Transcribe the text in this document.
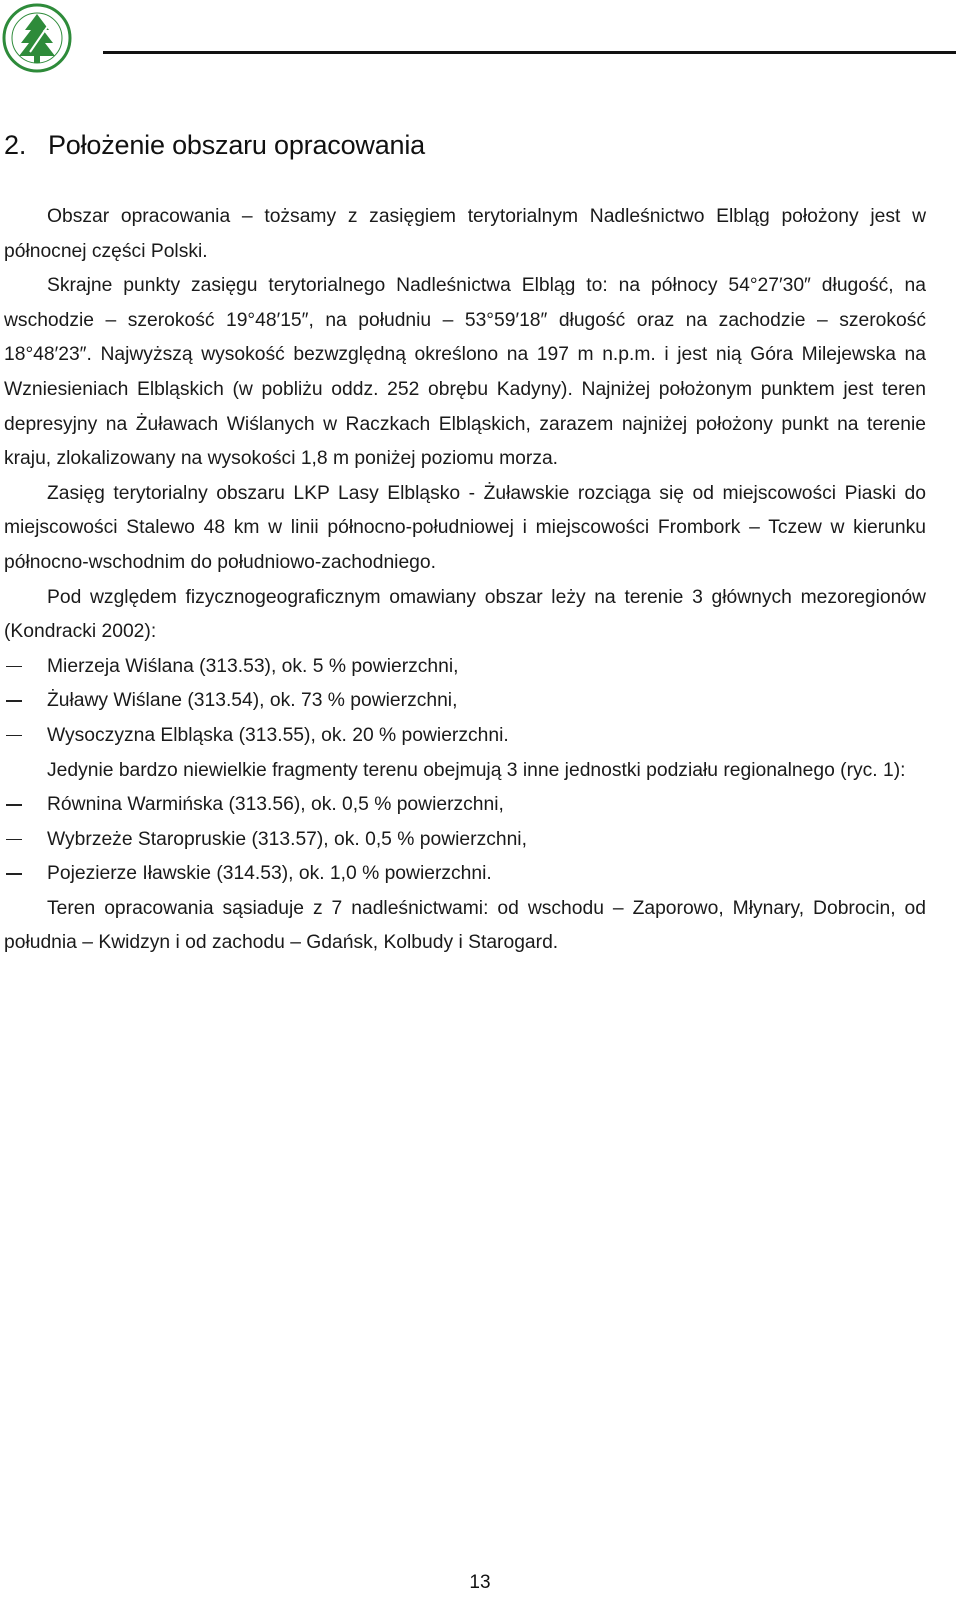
2. Położenie obszaru opracowania

Obszar opracowania – tożsamy z zasięgiem terytorialnym Nadleśnictwo Elbląg położony jest w północnej części Polski.

Skrajne punkty zasięgu terytorialnego Nadleśnictwa Elbląg to: na północy 54°27′30″ długość, na wschodzie – szerokość 19°48′15″, na południu – 53°59′18″ długość oraz na zachodzie – szerokość 18°48′23″. Najwyższą wysokość bezwzględną określono na 197 m n.p.m. i jest nią Góra Milejewska na Wzniesieniach Elbląskich (w pobliżu oddz. 252 obrębu Kadyny). Najniżej położonym punktem jest teren depresyjny na Żuławach Wiślanych w Raczkach Elbląskich, zarazem najniżej położony punkt na terenie kraju, zlokalizowany na wysokości 1,8 m poniżej poziomu morza.

Zasięg terytorialny obszaru LKP Lasy Elbląsko - Żuławskie rozciąga się od miejscowości Piaski do miejscowości Stalewo 48 km w linii północno-południowej i miejscowości Frombork – Tczew w kierunku północno-wschodnim do południowo-zachodniego.

Pod względem fizycznogeograficznym omawiany obszar leży na terenie 3 głównych mezoregionów (Kondracki 2002):

Mierzeja Wiślana (313.53), ok. 5 % powierzchni,
Żuławy Wiślane (313.54), ok. 73 % powierzchni,
Wysoczyzna Elbląska (313.55), ok. 20 % powierzchni.

Jedynie bardzo niewielkie fragmenty terenu obejmują 3 inne jednostki podziału regionalnego (ryc. 1):

Równina Warmińska (313.56), ok. 0,5 % powierzchni,
Wybrzeże Staropruskie (313.57), ok. 0,5 % powierzchni,
Pojezierze Iławskie (314.53), ok. 1,0 % powierzchni.

Teren opracowania sąsiaduje z 7 nadleśnictwami: od wschodu – Zaporowo, Młynary, Dobrocin, od południa – Kwidzyn i od zachodu – Gdańsk, Kolbudy i Starogard.

13
